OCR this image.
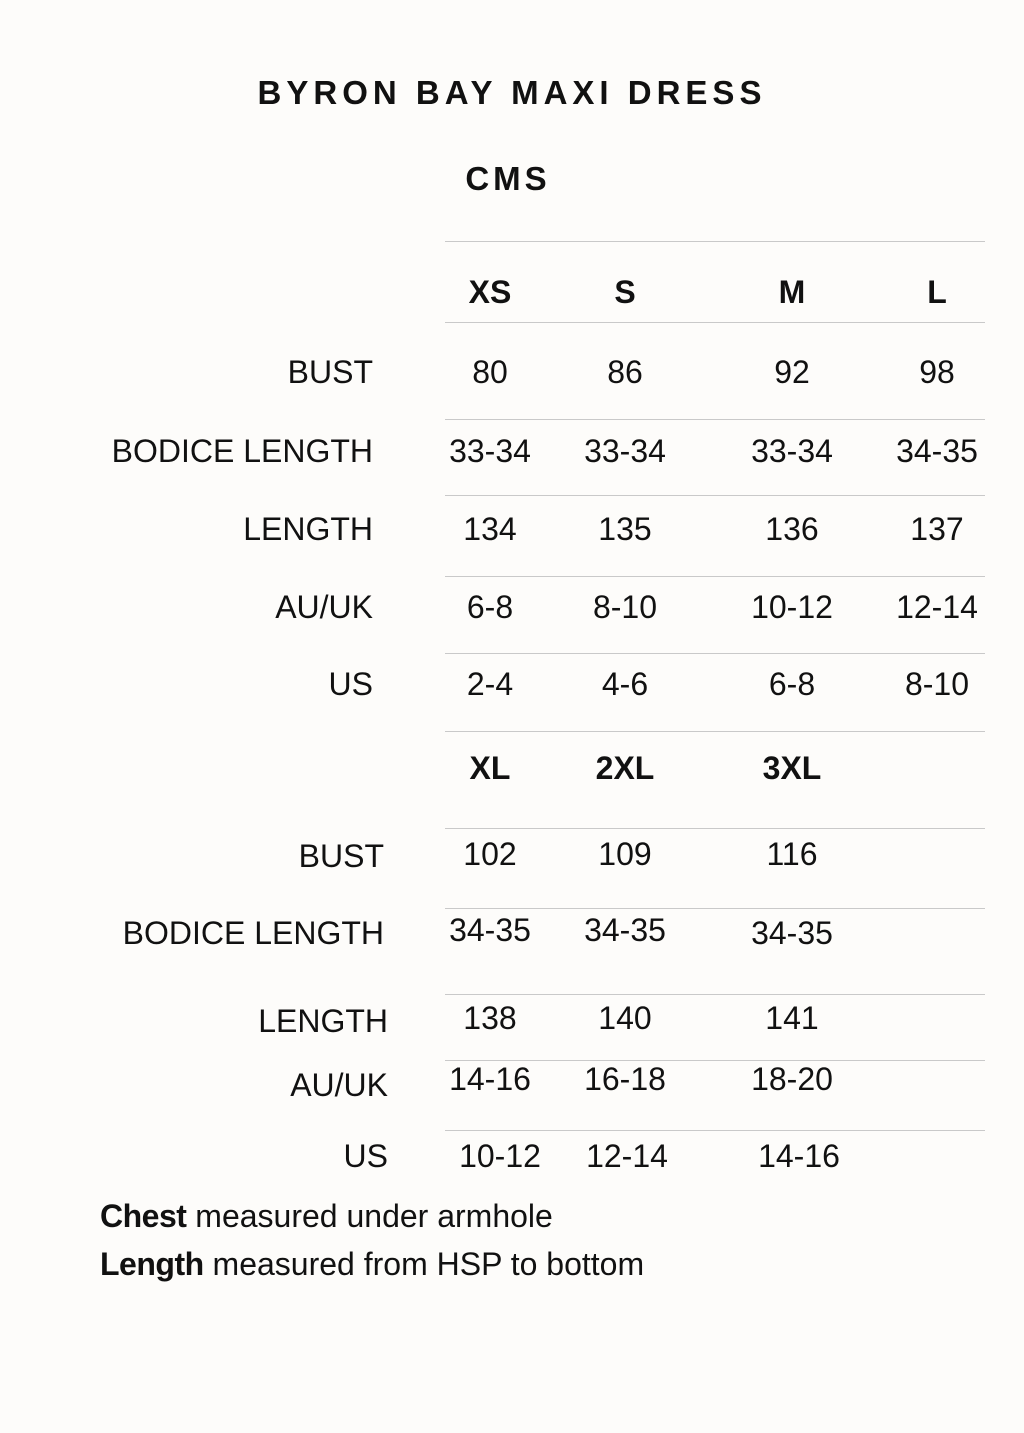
BYRON BAY MAXI DRESS
CMS
XS	S	M	L
BUST	80	86	92	98
BODICE LENGTH	33-34	33-34	33-34	34-35
LENGTH	134	135	136	137
AU/UK	6-8	8-10	10-12	12-14
US	2-4	4-6	6-8	8-10
XL	2XL	3XL
BUST	102	109	116
BODICE LENGTH	34-35	34-35	34-35
LENGTH	138	140	141
AU/UK	14-16	16-18	18-20
US	10-12	12-14	14-16
Chest measured under armhole
Length measured from HSP to bottom
